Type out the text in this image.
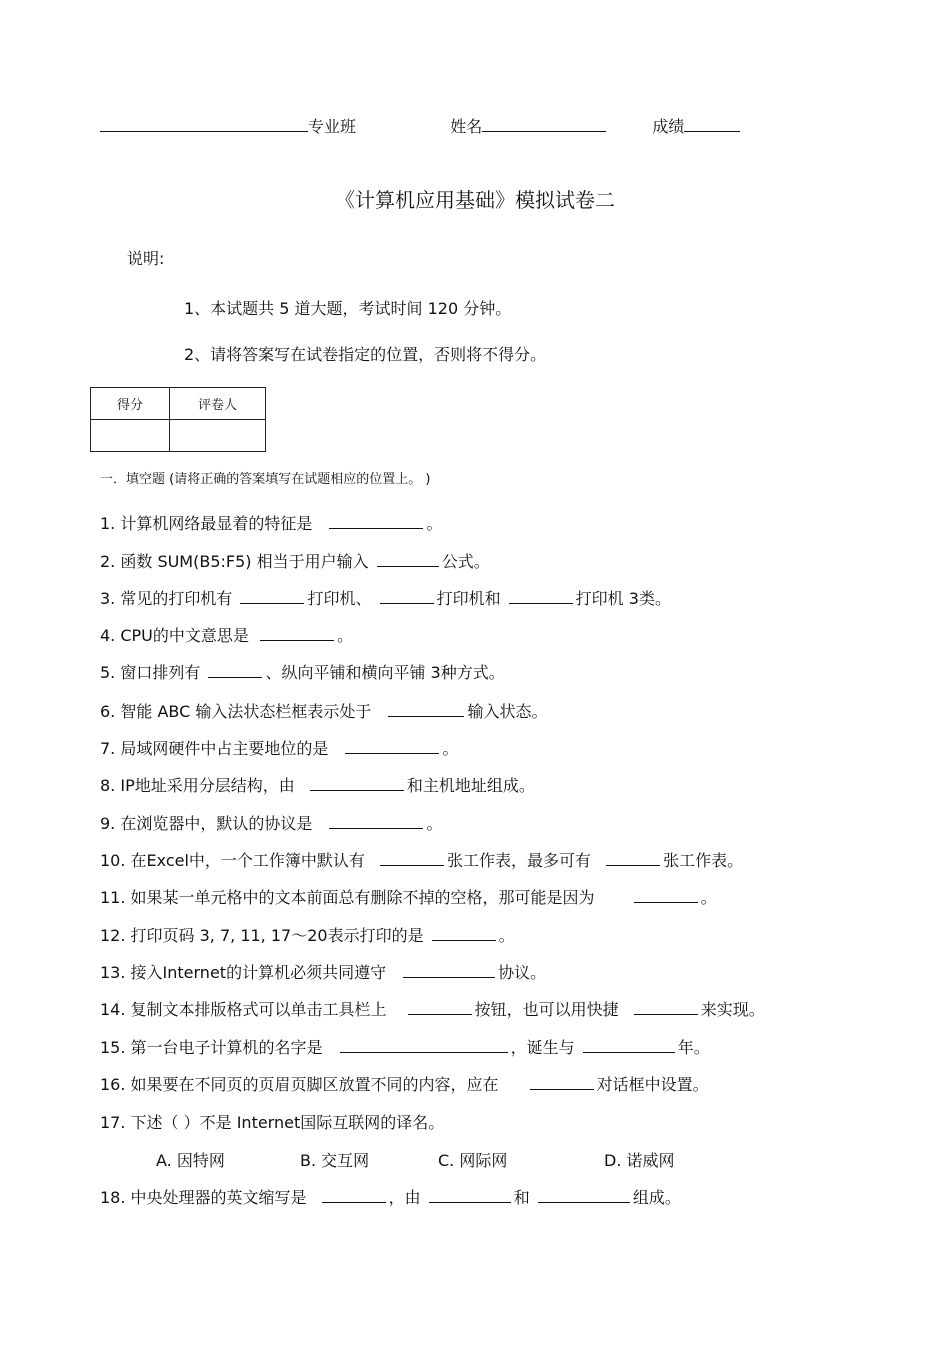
专业班	姓名	成绩
《计算机应用基础》模拟试卷二
说明:
1、本试题共 5 道大题，考试时间 120 分钟。
2、请将答案写在试卷指定的位置，否则将不得分。
得分	评卷人

一．填空题 (请将正确的答案填写在试题相应的位置上。 )
1. 计算机网络最显着的特征是	。
2. 函数 SUM(B5:F5) 相当于用户输入	公式。
3. 常见的打印机有	打印机、	打印机和	打印机 3类。
4. CPU的中文意思是	。
5. 窗口排列有	、纵向平铺和横向平铺 3种方式。
6. 智能 ABC 输入法状态栏框表示处于	输入状态。
7. 局域网硬件中占主要地位的是	。
8. IP地址采用分层结构，由	和主机地址组成。
9. 在浏览器中，默认的协议是	。
10. 在Excel中，一个工作簿中默认有	张工作表，最多可有	张工作表。
11. 如果某一单元格中的文本前面总有删除不掉的空格，那可能是因为	。
12. 打印页码 3, 7, 11, 17～20表示打印的是	。
13. 接入Internet的计算机必须共同遵守	协议。
14. 复制文本排版格式可以单击工具栏上	按钮，也可以用快捷	来实现。
15. 第一台电子计算机的名字是	，诞生与	年。
16. 如果要在不同页的页眉页脚区放置不同的内容，应在	对话框中设置。
17. 下述（ ）不是 Internet国际互联网的译名。
A. 因特网	B. 交互网	C. 网际网	D. 诺威网
18. 中央处理器的英文缩写是	，由	和	组成。
